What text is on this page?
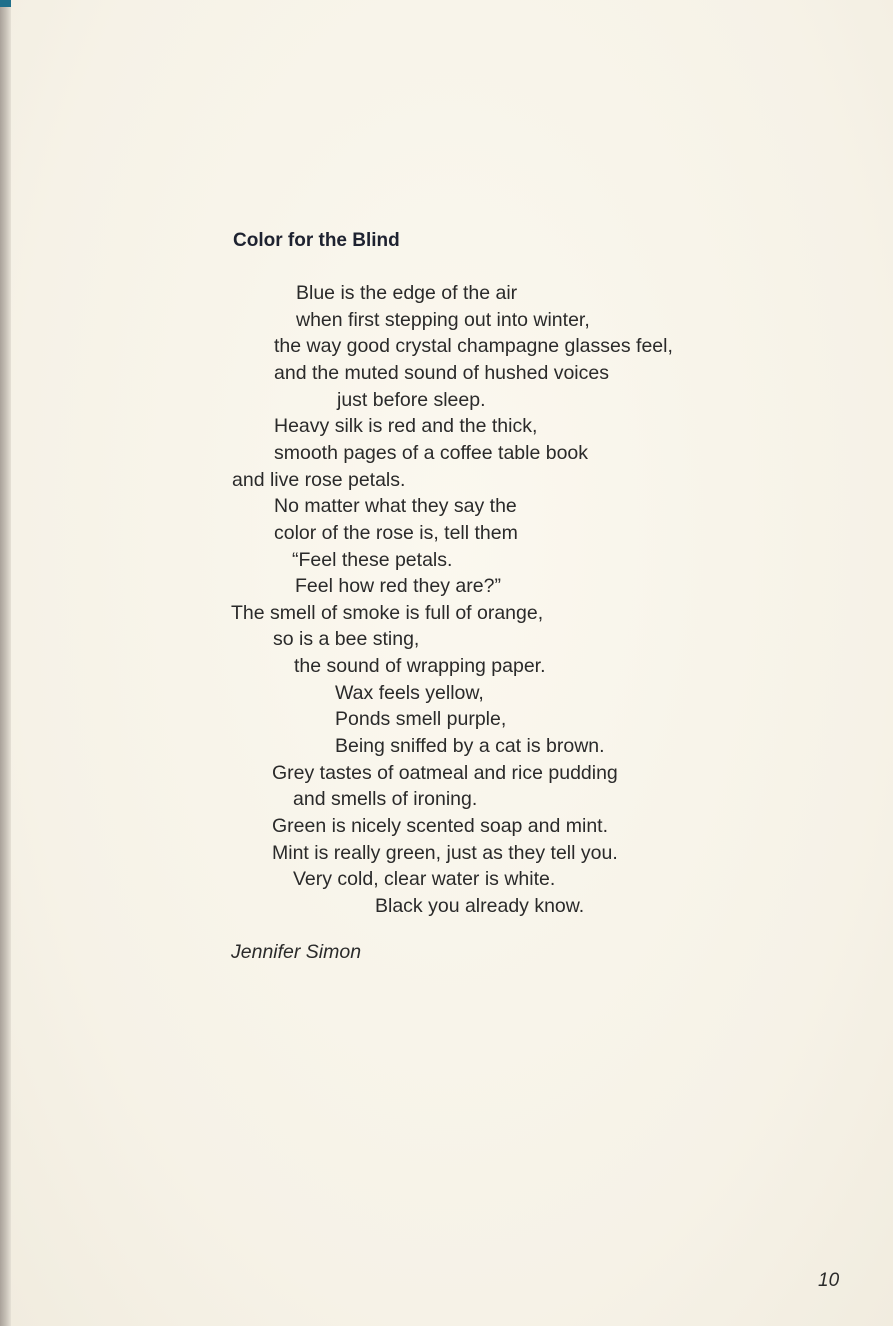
Color for the Blind
Blue is the edge of the air
when first stepping out into winter,
the way good crystal champagne glasses feel,
and the muted sound of hushed voices
just before sleep.
Heavy silk is red and the thick,
smooth pages of a coffee table book
and live rose petals.
No matter what they say the
color of the rose is, tell them
“Feel these petals.
Feel how red they are?”
The smell of smoke is full of orange,
so is a bee sting,
the sound of wrapping paper.
Wax feels yellow,
Ponds smell purple,
Being sniffed by a cat is brown.
Grey tastes of oatmeal and rice pudding
and smells of ironing.
Green is nicely scented soap and mint.
Mint is really green, just as they tell you.
Very cold, clear water is white.
Black you already know.

Jennifer Simon

10
